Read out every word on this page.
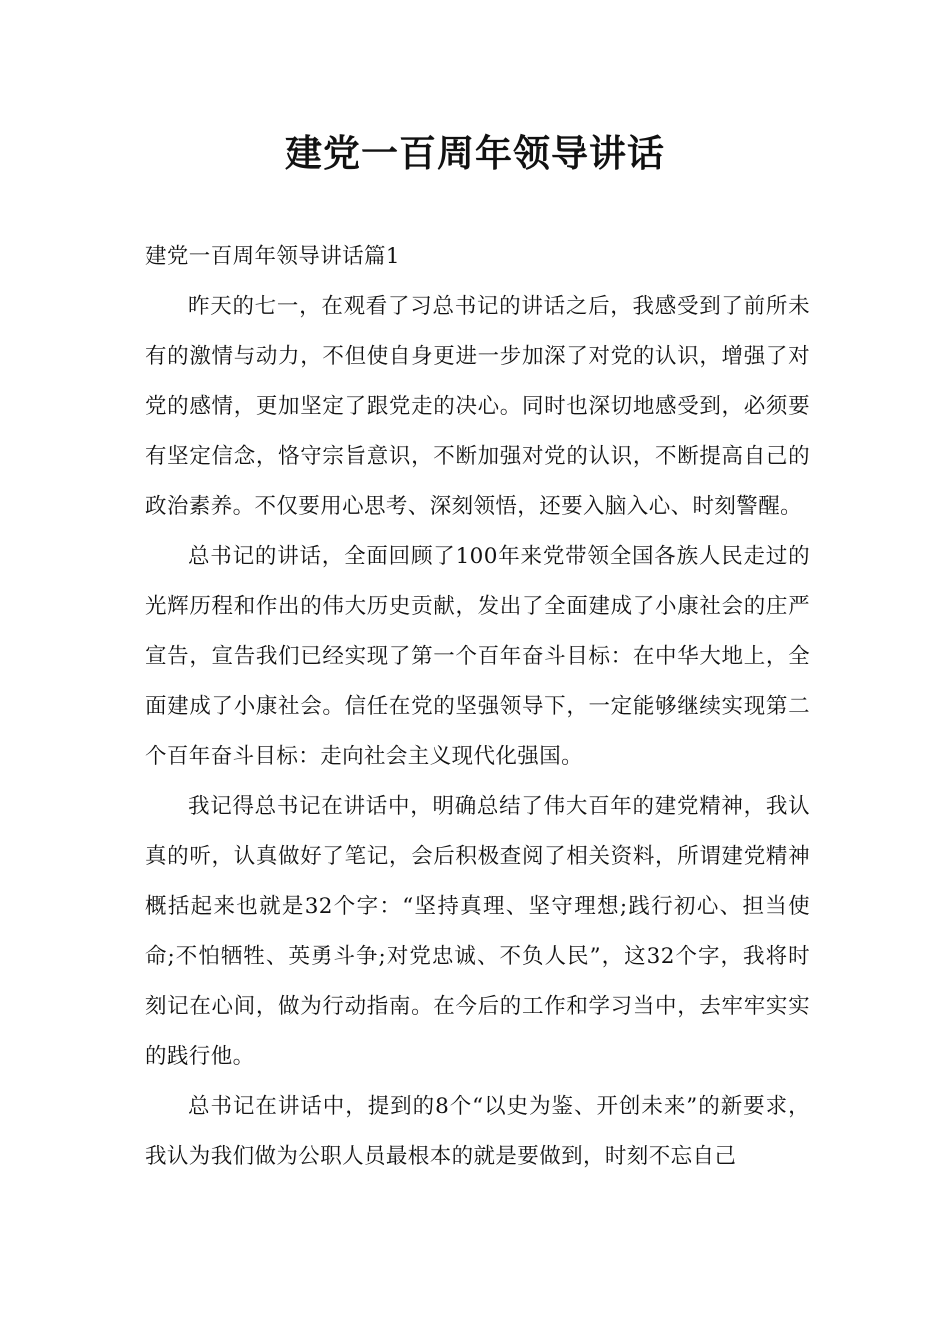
建党一百周年领导讲话

建党一百周年领导讲话篇1

昨天的七一，在观看了习总书记的讲话之后，我感受到了前所未有的激情与动力，不但使自身更进一步加深了对党的认识，增强了对党的感情，更加坚定了跟党走的决心。同时也深切地感受到，必须要有坚定信念，恪守宗旨意识，不断加强对党的认识，不断提高自己的政治素养。不仅要用心思考、深刻领悟，还要入脑入心、时刻警醒。

总书记的讲话，全面回顾了100年来党带领全国各族人民走过的光辉历程和作出的伟大历史贡献，发出了全面建成了小康社会的庄严宣告，宣告我们已经实现了第一个百年奋斗目标：在中华大地上，全面建成了小康社会。信任在党的坚强领导下，一定能够继续实现第二个百年奋斗目标：走向社会主义现代化强国。

我记得总书记在讲话中，明确总结了伟大百年的建党精神，我认真的听，认真做好了笔记，会后积极查阅了相关资料，所谓建党精神概括起来也就是32个字：“坚持真理、坚守理想;践行初心、担当使命;不怕牺牲、英勇斗争;对党忠诚、不负人民”，这32个字，我将时刻记在心间，做为行动指南。在今后的工作和学习当中，去牢牢实实的践行他。

总书记在讲话中，提到的8个“以史为鉴、开创未来”的新要求，我认为我们做为公职人员最根本的就是要做到，时刻不忘自己
